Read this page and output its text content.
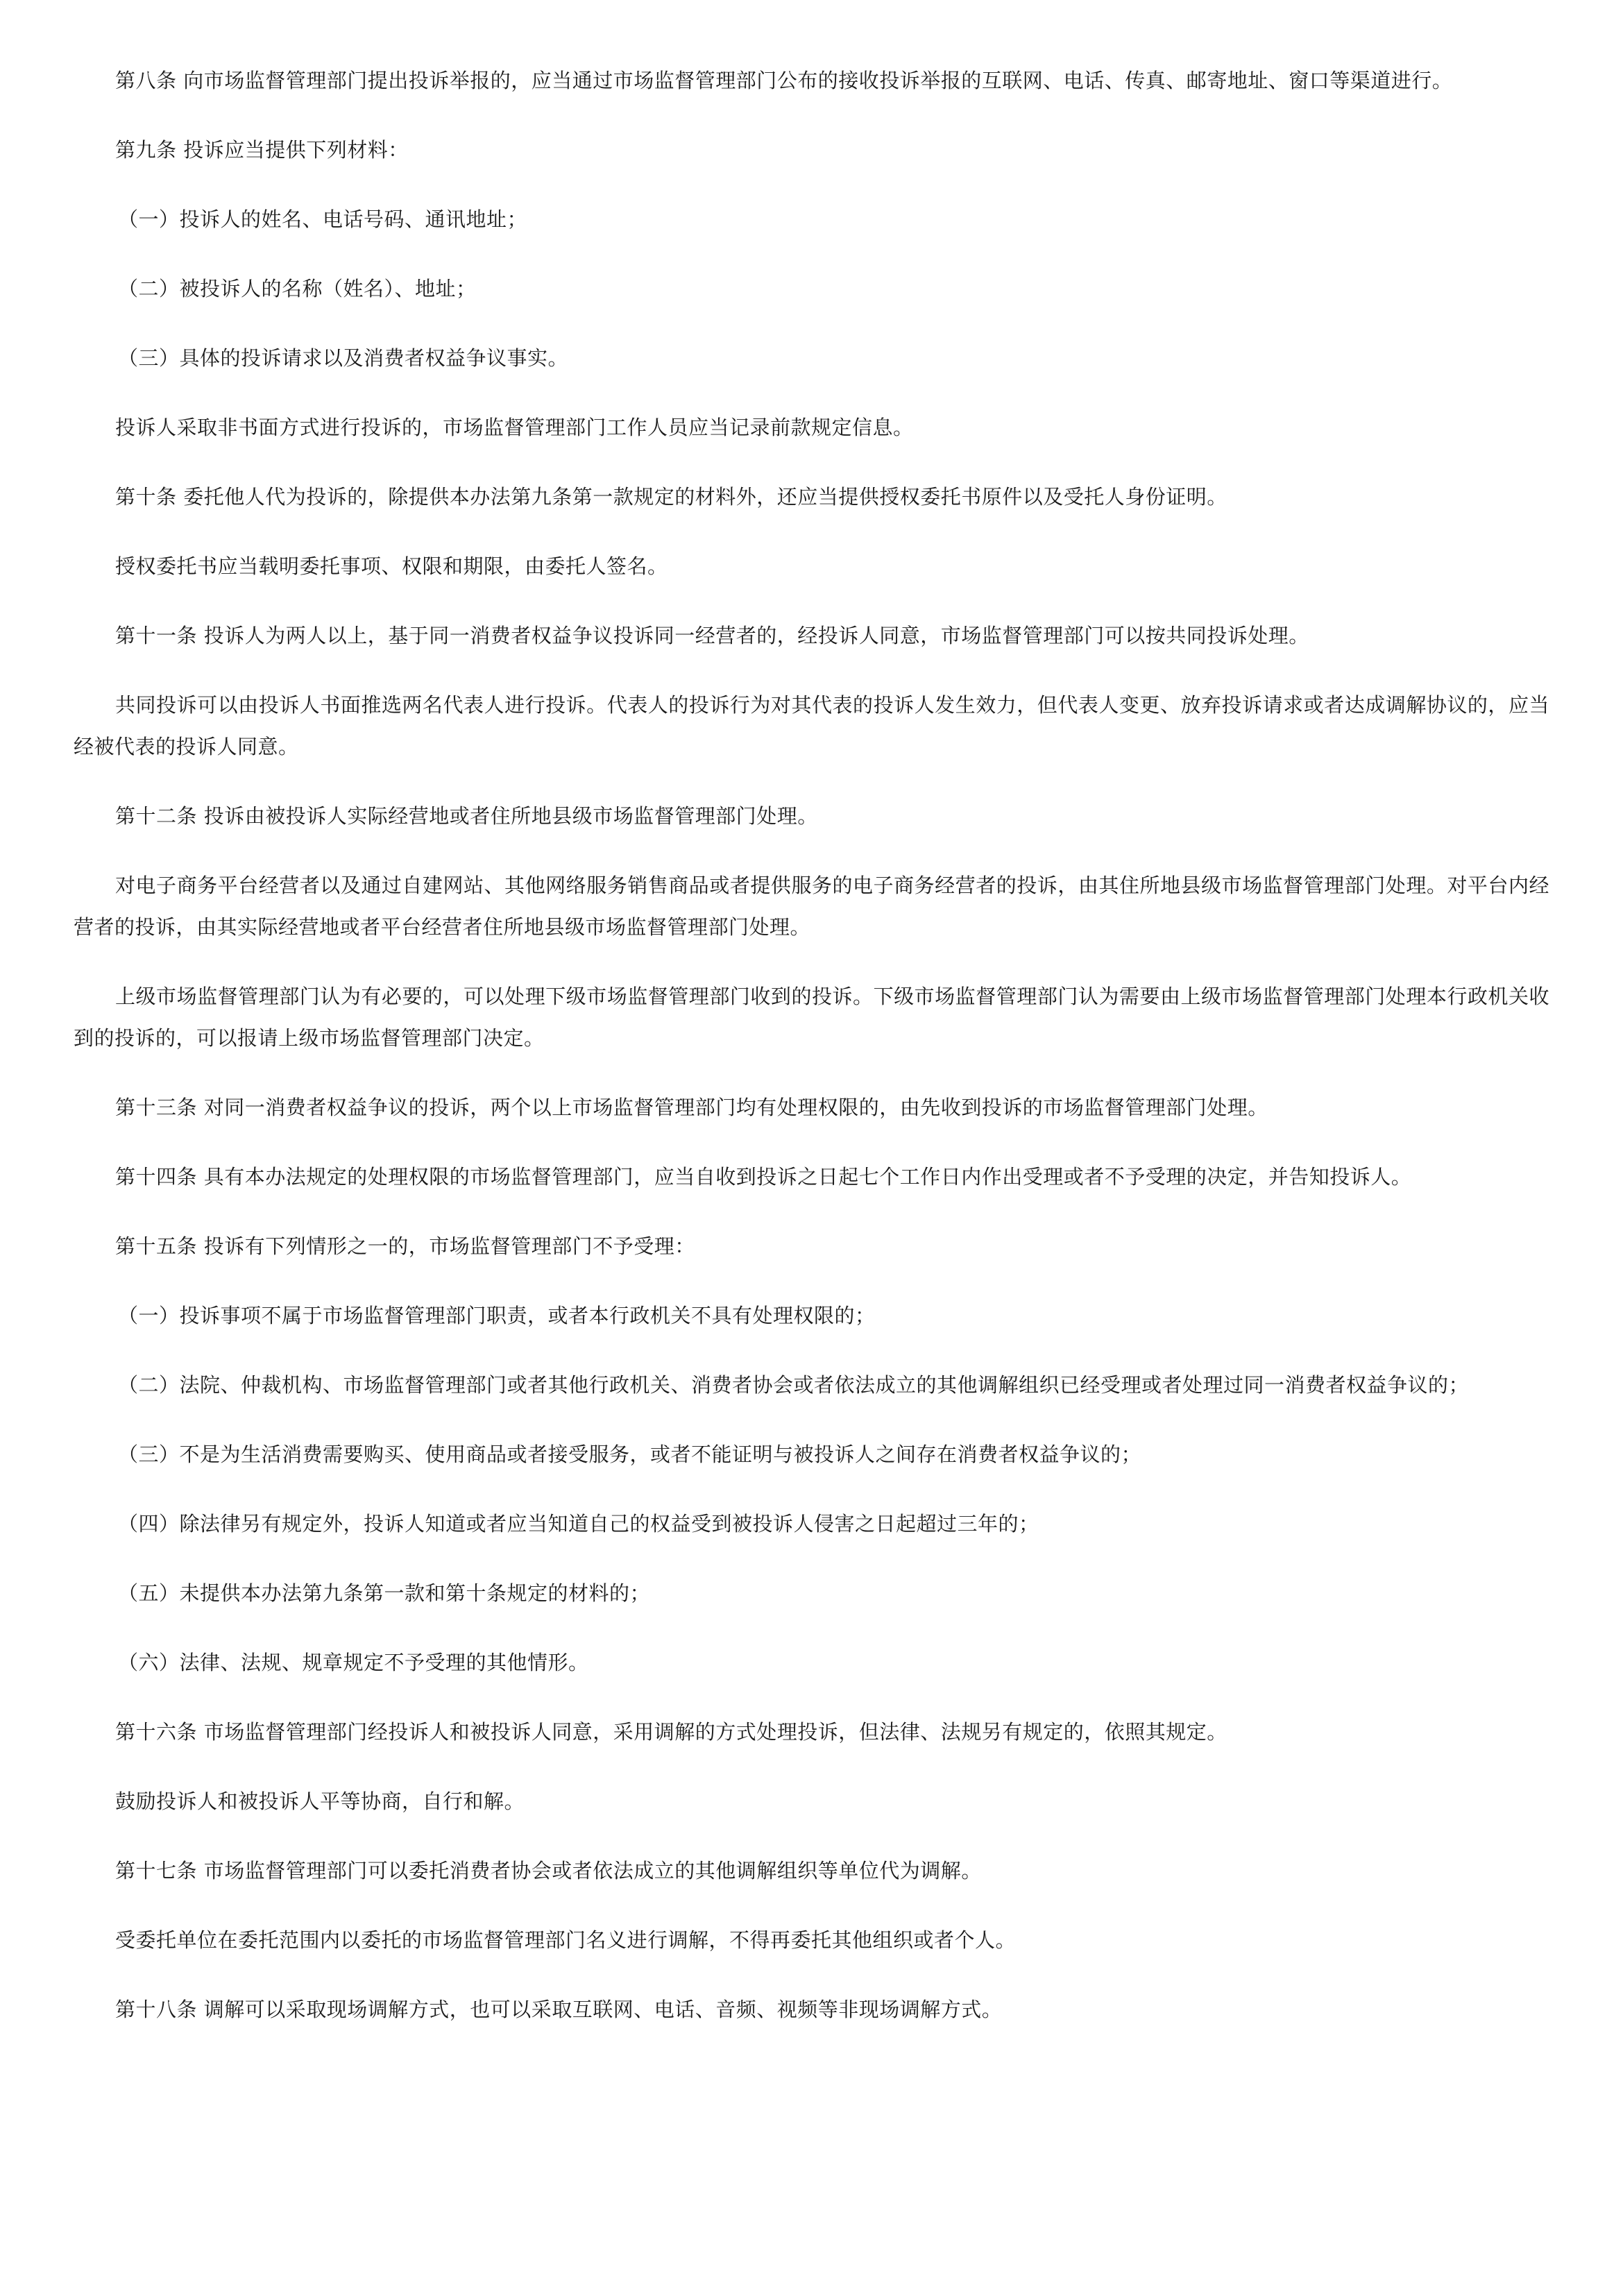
第八条 向市场监督管理部门提出投诉举报的，应当通过市场监督管理部门公布的接收投诉举报的互联网、电话、传真、邮寄地址、窗口等渠道进行。

第九条 投诉应当提供下列材料：

（一）投诉人的姓名、电话号码、通讯地址；

（二）被投诉人的名称（姓名）、地址；

（三）具体的投诉请求以及消费者权益争议事实。

投诉人采取非书面方式进行投诉的，市场监督管理部门工作人员应当记录前款规定信息。

第十条 委托他人代为投诉的，除提供本办法第九条第一款规定的材料外，还应当提供授权委托书原件以及受托人身份证明。

授权委托书应当载明委托事项、权限和期限，由委托人签名。

第十一条 投诉人为两人以上，基于同一消费者权益争议投诉同一经营者的，经投诉人同意，市场监督管理部门可以按共同投诉处理。

共同投诉可以由投诉人书面推选两名代表人进行投诉。代表人的投诉行为对其代表的投诉人发生效力，但代表人变更、放弃投诉请求或者达成调解协议的，应当经被代表的投诉人同意。

第十二条 投诉由被投诉人实际经营地或者住所地县级市场监督管理部门处理。

对电子商务平台经营者以及通过自建网站、其他网络服务销售商品或者提供服务的电子商务经营者的投诉，由其住所地县级市场监督管理部门处理。对平台内经营者的投诉，由其实际经营地或者平台经营者住所地县级市场监督管理部门处理。

上级市场监督管理部门认为有必要的，可以处理下级市场监督管理部门收到的投诉。下级市场监督管理部门认为需要由上级市场监督管理部门处理本行政机关收到的投诉的，可以报请上级市场监督管理部门决定。

第十三条 对同一消费者权益争议的投诉，两个以上市场监督管理部门均有处理权限的，由先收到投诉的市场监督管理部门处理。

第十四条 具有本办法规定的处理权限的市场监督管理部门，应当自收到投诉之日起七个工作日内作出受理或者不予受理的决定，并告知投诉人。

第十五条 投诉有下列情形之一的，市场监督管理部门不予受理：

（一）投诉事项不属于市场监督管理部门职责，或者本行政机关不具有处理权限的；

（二）法院、仲裁机构、市场监督管理部门或者其他行政机关、消费者协会或者依法成立的其他调解组织已经受理或者处理过同一消费者权益争议的；

（三）不是为生活消费需要购买、使用商品或者接受服务，或者不能证明与被投诉人之间存在消费者权益争议的；

（四）除法律另有规定外，投诉人知道或者应当知道自己的权益受到被投诉人侵害之日起超过三年的；

（五）未提供本办法第九条第一款和第十条规定的材料的；

（六）法律、法规、规章规定不予受理的其他情形。

第十六条 市场监督管理部门经投诉人和被投诉人同意，采用调解的方式处理投诉，但法律、法规另有规定的，依照其规定。

鼓励投诉人和被投诉人平等协商，自行和解。

第十七条 市场监督管理部门可以委托消费者协会或者依法成立的其他调解组织等单位代为调解。

受委托单位在委托范围内以委托的市场监督管理部门名义进行调解，不得再委托其他组织或者个人。

第十八条 调解可以采取现场调解方式，也可以采取互联网、电话、音频、视频等非现场调解方式。
